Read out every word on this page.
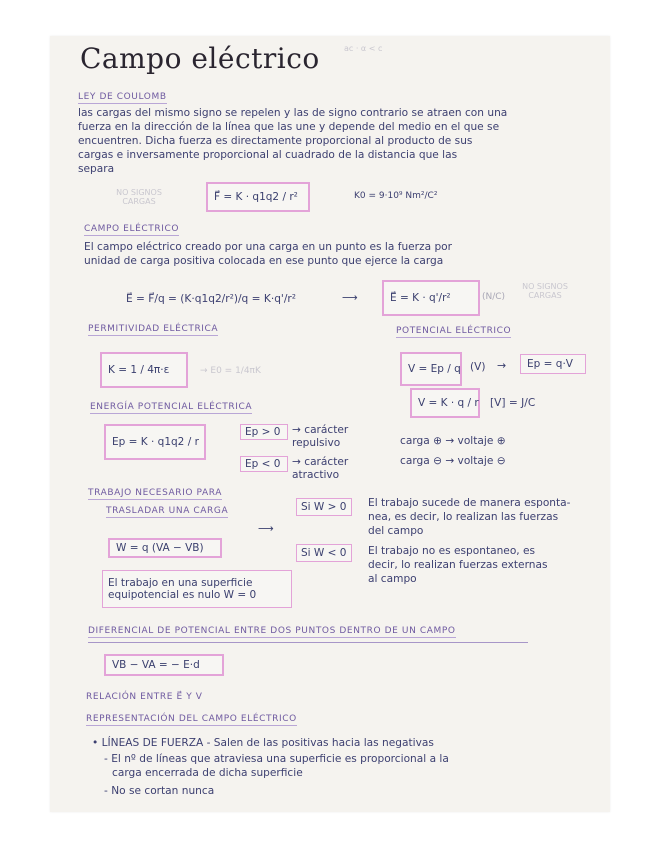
Campo eléctrico	ac · α < c
LEY DE COULOMB
las cargas del mismo signo se repelen y las de signo contrario se atraen con una
fuerza en la dirección de la línea que las une y depende del medio en el que se
encuentren. Dicha fuerza es directamente proporcional al producto de sus
cargas e inversamente proporcional al cuadrado de la distancia que las
separa
NO SIGNOS CARGAS	F⃗ = K · q1q2 / r²	K0 = 9·10⁹ Nm²/C²
CAMPO ELÉCTRICO
El campo eléctrico creado por una carga en un punto es la fuerza por
unidad de carga positiva colocada en ese punto que ejerce la carga
E⃗ = F⃗/q = (K·q1q2/r²)/q = K·q'/r²	⟶	E⃗ = K · q'/r²	(N/C)
NO SIGNOS CARGAS
PERMITIVIDAD ELÉCTRICA
K = 1 / 4π·ε	→ E0 = 1/4πK
POTENCIAL ELÉCTRICO
V = Ep / q (V) → Ep = q·V
V = K · q / r [V] = J/C
carga ⊕ → voltaje ⊕
carga ⊖ → voltaje ⊖
ENERGÍA POTENCIAL ELÉCTRICA
Ep = K · q1q2 / r
Ep > 0 → carácter repulsivo
Ep < 0 → carácter atractivo
TRABAJO NECESARIO PARA
TRASLADAR UNA CARGA
⟶
W = q (VA − VB)
Si W > 0 El trabajo sucede de manera esponta-
nea, es decir, lo realizan las fuerzas
del campo
Si W < 0 El trabajo no es espontaneo, es
decir, lo realizan fuerzas externas
al campo
El trabajo en una superficie
equipotencial es nulo W = 0
DIFERENCIAL DE POTENCIAL ENTRE DOS PUNTOS DENTRO DE UN CAMPO
VB − VA = − E·d
RELACIÓN ENTRE E⃗ Y V
REPRESENTACIÓN DEL CAMPO ELÉCTRICO
• LÍNEAS DE FUERZA - Salen de las positivas hacia las negativas
- El nº de líneas que atraviesa una superficie es proporcional a la
carga encerrada de dicha superficie
- No se cortan nunca
